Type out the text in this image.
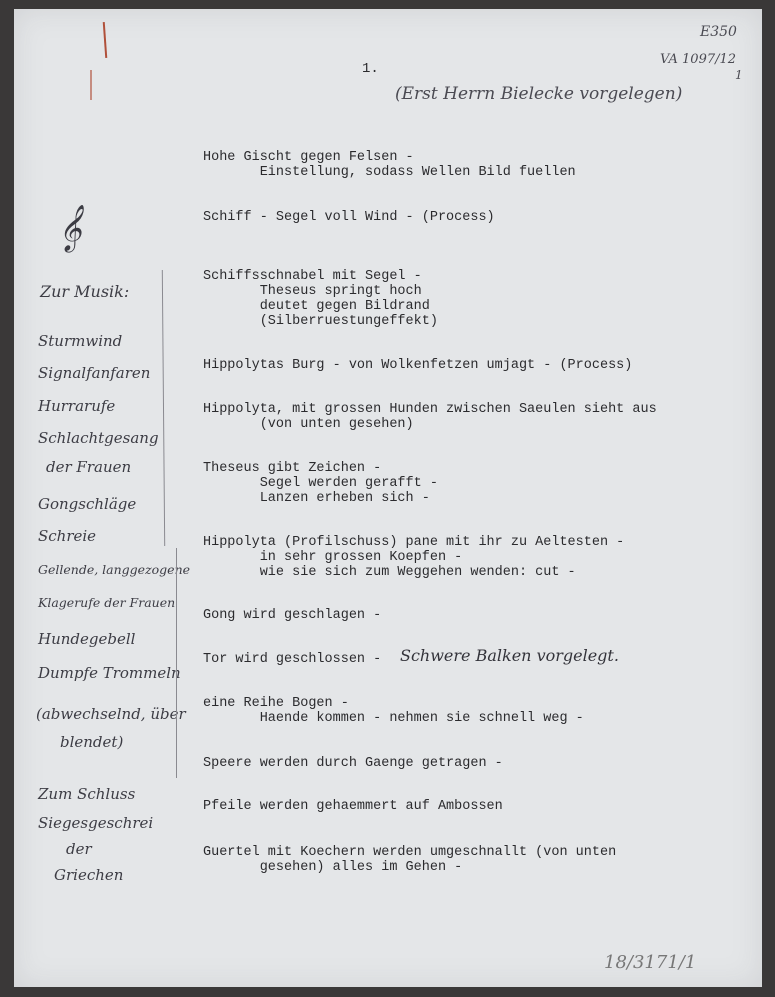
E350
VA 1097/12
1
1.
(Erst Herrn Bielecke vorgelegen)
Hohe Gischt gegen Felsen -
Einstellung, sodass Wellen Bild fuellen
Schiff - Segel voll Wind - (Process)
Schiffsschnabel mit Segel -
Theseus springt hoch
deutet gegen Bildrand
(Silberruestungeffekt)
Hippolytas Burg - von Wolkenfetzen umjagt - (Process)
Hippolyta, mit grossen Hunden zwischen Saeulen sieht aus
(von unten gesehen)
Theseus gibt Zeichen -
Segel werden gerafft -
Lanzen erheben sich -
Hippolyta (Profilschuss) pane mit ihr zu Aeltesten -
in sehr grossen Koepfen -
wie sie sich zum Weggehen wenden: cut -
Gong wird geschlagen -
Tor wird geschlossen - Schwere Balken vorgelegt.
eine Reihe Bogen -
Haende kommen - nehmen sie schnell weg -
Speere werden durch Gaenge getragen -
Pfeile werden gehaemmert auf Ambossen
Guertel mit Koechern werden umgeschnallt (von unten
gesehen) alles im Gehen -
𝄞
Zur Musik:
Sturmwind
Signalfanfaren
Hurrarufe
Schlachtgesang
der Frauen
Gongschläge
Schreie
Gellende, langgezogene
Klagerufe der Frauen
Hundegebell
Dumpfe Trommeln
(abwechselnd, über
blendet)
Zum Schluss
Siegesgeschrei
der
Griechen
18/3171/1
